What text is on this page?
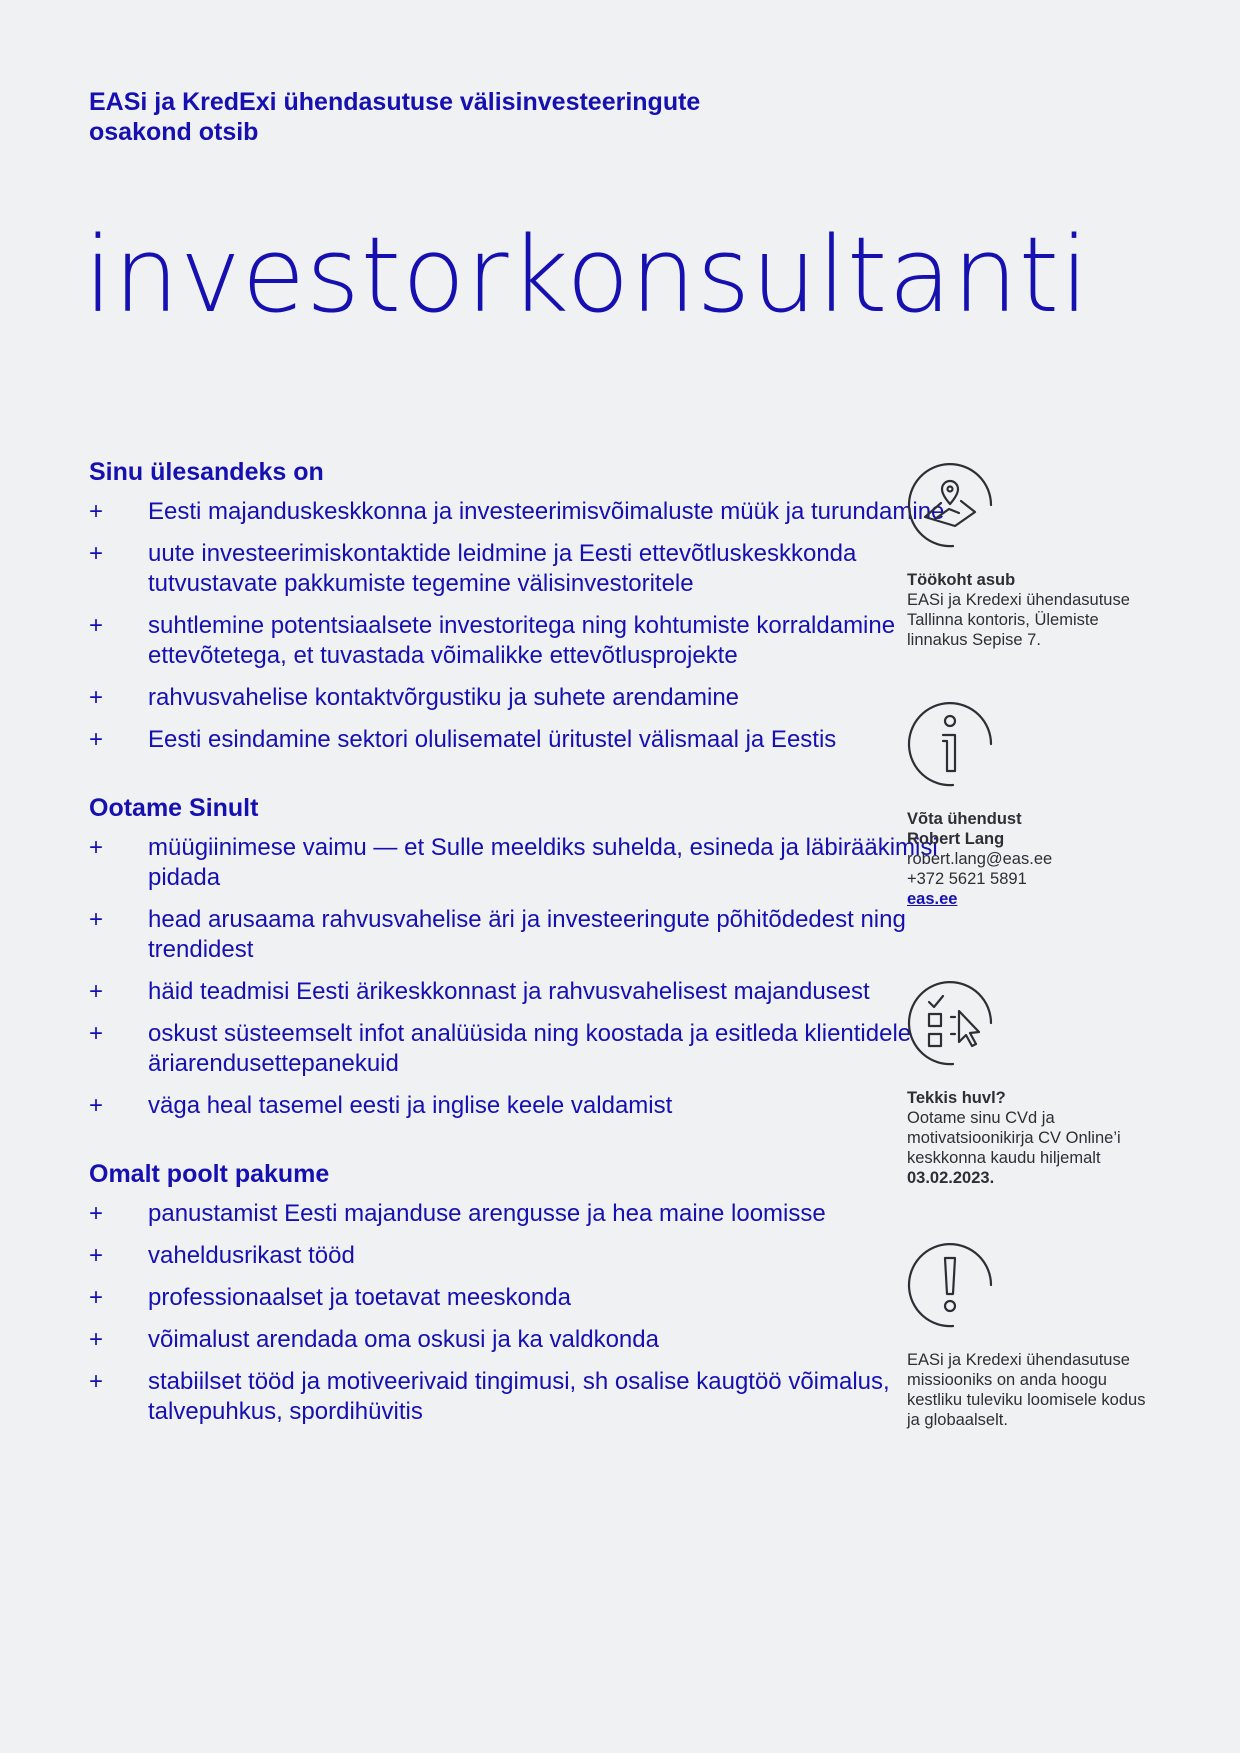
EASi ja KredExi ühendasutuse välisinvesteeringute osakond otsib
investorkonsultanti
Sinu ülesandeks on
+ Eesti majanduskeskkonna ja investeerimisvõimaluste müük ja turundamine
+ uute investeerimiskontaktide leidmine ja Eesti ettevõtluskeskkonda tutvustavate pakkumiste tegemine välisinvestoritele
+ suhtlemine potentsiaalsete investoritega ning kohtumiste korraldamine ettevõtetega, et tuvastada võimalikke ettevõtlusprojekte
+ rahvusvahelise kontaktvõrgustiku ja suhete arendamine
+ Eesti esindamine sektori olulisematel üritustel välismaal ja Eestis
Ootame Sinult
+ müügiinimese vaimu — et Sulle meeldiks suhelda, esineda ja läbirääkimisi pidada
+ head arusaama rahvusvahelise äri ja investeeringute põhitõdedest ning trendidest
+ häid teadmisi Eesti ärikeskkonnast ja rahvusvahelisest majandusest
+ oskust süsteemselt infot analüüsida ning koostada ja esitleda klientidele äriarendusettepanekuid
+ väga heal tasemel eesti ja inglise keele valdamist
Omalt poolt pakume
+ panustamist Eesti majanduse arengusse ja hea maine loomisse
+ vaheldusrikast tööd
+ professionaalset ja toetavat meeskonda
+ võimalust arendada oma oskusi ja ka valdkonda
+ stabiilset tööd ja motiveerivaid tingimusi, sh osalise kaugtöö võimalus, talvepuhkus, spordihüvitis

Töökoht asub

EASi ja Kredexi ühendasutuse Tallinna kontoris, Ülemiste linnakus Sepise 7.

Võta ühendust

Robert Lang

robert.lang@eas.ee

+372 5621 5891

eas.ee

Tekkis huvl?

Ootame sinu CVd ja motivatsioonikirja CV Online’i keskkonna kaudu hiljemalt 03.02.2023.

EASi ja Kredexi ühendasutuse missiooniks on anda hoogu kestliku tuleviku loomisele kodus ja globaalselt.
